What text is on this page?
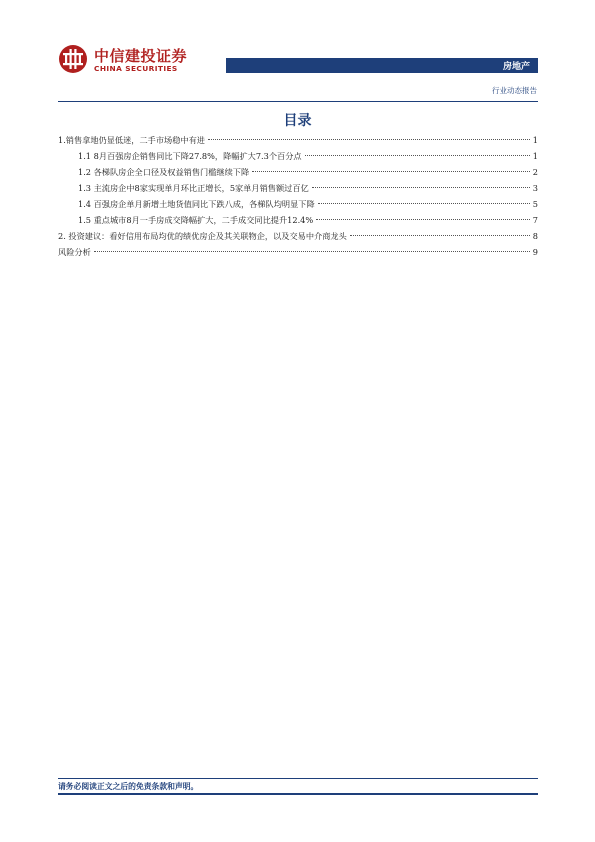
中信建投证券
CHINA SECURITIES	房地产
行业动态报告
目录
1.销售拿地仍显低迷，二手市场稳中有进	1
1.1 8月百强房企销售同比下降27.8%，降幅扩大7.3个百分点	1
1.2 各梯队房企全口径及权益销售门槛继续下降	2
1.3 主流房企中8家实现单月环比正增长，5家单月销售额过百亿	3
1.4 百强房企单月新增土地货值同比下跌八成，各梯队均明显下降	5
1.5 重点城市8月一手房成交降幅扩大，二手成交同比提升12.4%	7
2. 投资建议：看好信用布局均优的绩优房企及其关联物企，以及交易中介商龙头	8
风险分析	9
请务必阅读正文之后的免责条款和声明。
